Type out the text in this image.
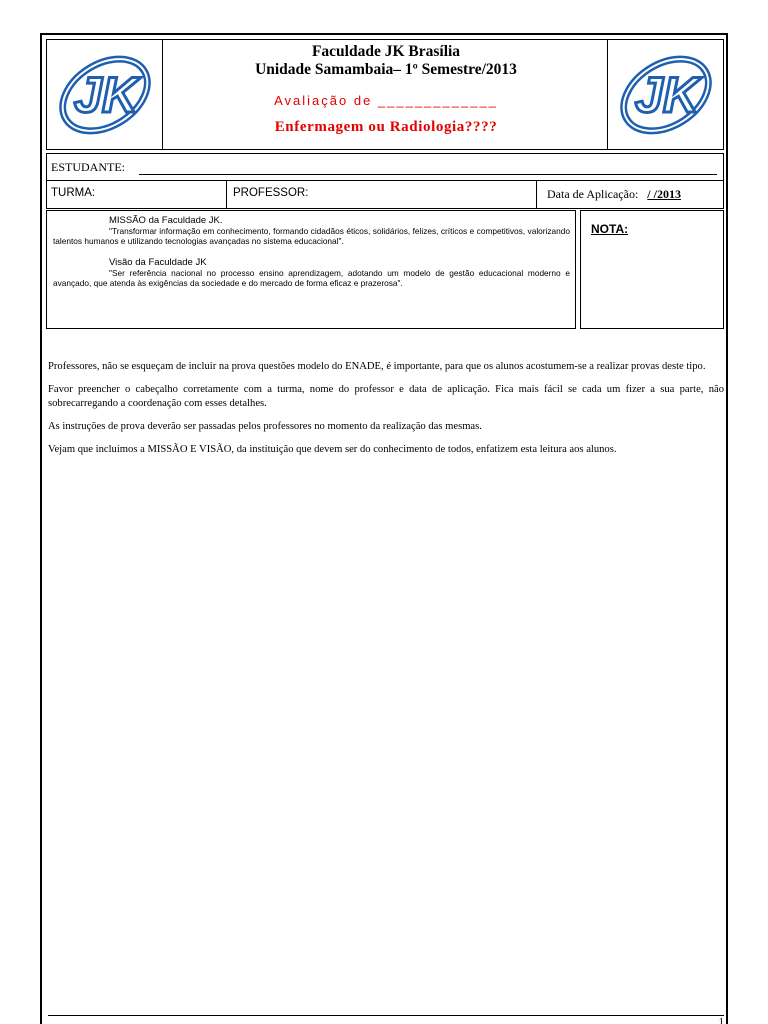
JK
Faculdade JK Brasília
Unidade Samambaia– 1º Semestre/2013
Avaliação de _____________
Enfermagem ou Radiologia????
JK
ESTUDANTE:
TURMA:	PROFESSOR:	Data de Aplicação: / /2013
MISSÃO da Faculdade JK.
"Transformar informação em conhecimento, formando cidadãos éticos, solidários, felizes, críticos e competitivos, valorizando talentos humanos e utilizando tecnologias avançadas no sistema educacional".
Visão da Faculdade JK
"Ser referência nacional no processo ensino aprendizagem, adotando um modelo de gestão educacional moderno e avançado, que atenda às exigências da sociedade e do mercado de forma eficaz e prazerosa".
NOTA:

Professores, não se esqueçam de incluir na prova questões modelo do ENADE, é importante, para que os alunos acostumem-se a realizar provas deste tipo.

Favor preencher o cabeçalho corretamente com a turma, nome do professor e data de aplicação. Fica mais fácil se cada um fizer a sua parte, não sobrecarregando a coordenação com esses detalhes.

As instruções de prova deverão ser passadas pelos professores no momento da realização das mesmas.

Vejam que incluímos a MISSÃO E VISÃO, da instituição que devem ser do conhecimento de todos, enfatizem esta leitura aos alunos.

1
